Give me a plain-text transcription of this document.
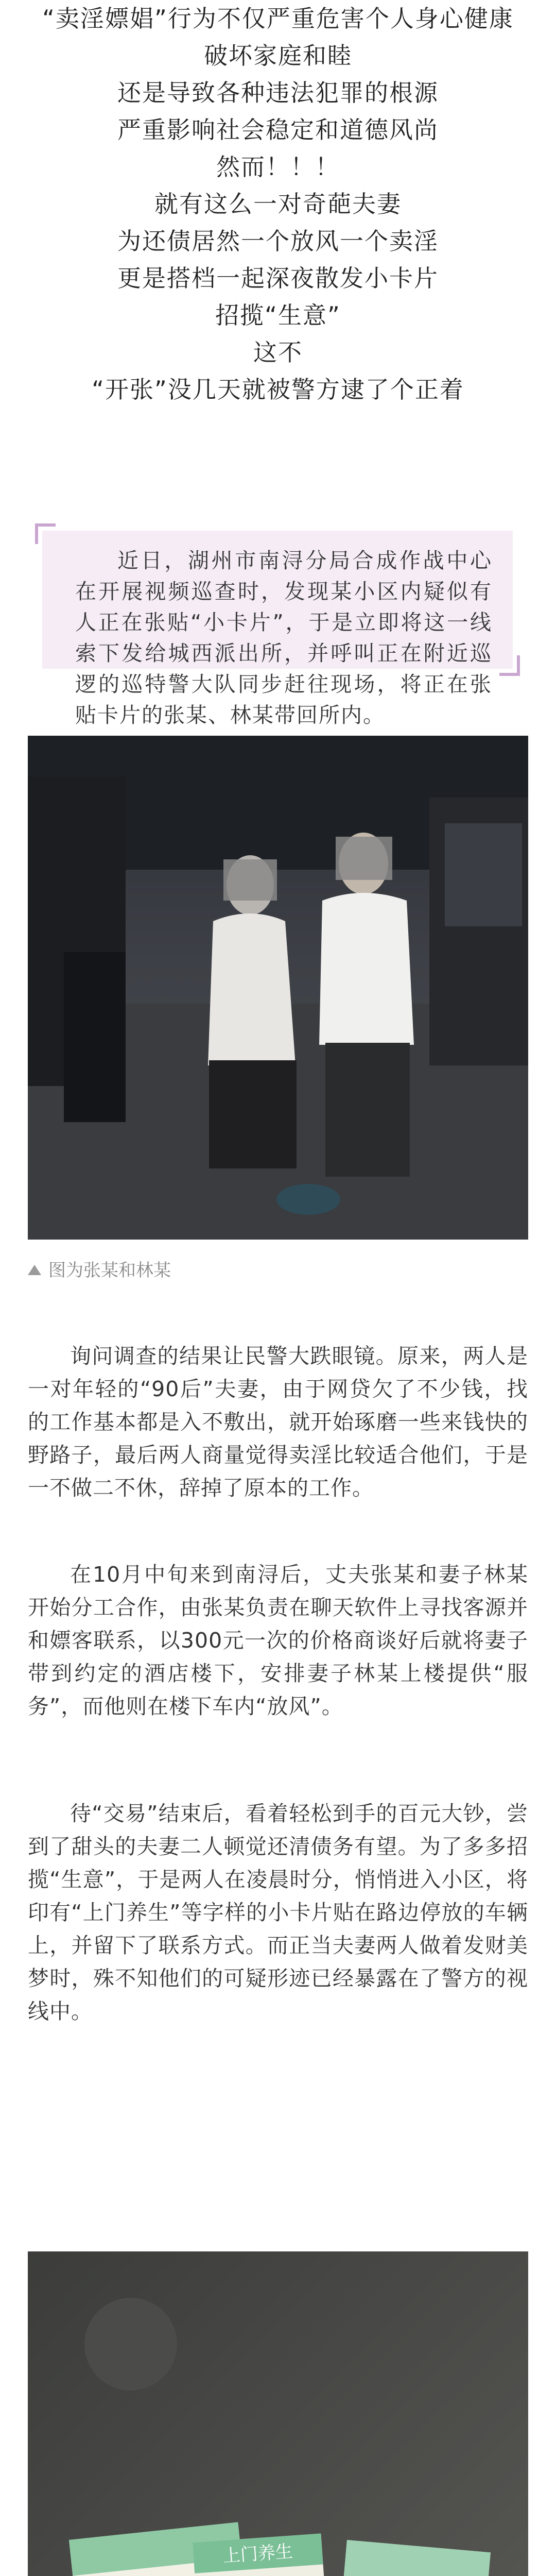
“卖淫嫖娼”行为不仅严重危害个人身心健康

破坏家庭和睦

还是导致各种违法犯罪的根源

严重影响社会稳定和道德风尚

然而！！！

就有这么一对奇葩夫妻

为还债居然一个放风一个卖淫

更是搭档一起深夜散发小卡片

招揽“生意”

这不

“开张”没几天就被警方逮了个正着

近日，湖州市南浔分局合成作战中心在开展视频巡查时，发现某小区内疑似有人正在张贴“小卡片”，于是立即将这一线索下发给城西派出所，并呼叫正在附近巡逻的巡特警大队同步赶往现场，将正在张贴卡片的张某、林某带回所内。

图为张某和林某

询问调查的结果让民警大跌眼镜。原来，两人是一对年轻的“90后”夫妻，由于网贷欠了不少钱，找的工作基本都是入不敷出，就开始琢磨一些来钱快的野路子，最后两人商量觉得卖淫比较适合他们，于是一不做二不休，辞掉了原本的工作。

在10月中旬来到南浔后，丈夫张某和妻子林某开始分工合作，由张某负责在聊天软件上寻找客源并和嫖客联系，以300元一次的价格商谈好后就将妻子带到约定的酒店楼下，安排妻子林某上楼提供“服务”，而他则在楼下车内“放风”。

待“交易”结束后，看着轻松到手的百元大钞，尝到了甜头的夫妻二人顿觉还清债务有望。为了多多招揽“生意”，于是两人在凌晨时分，悄悄进入小区，将印有“上门养生”等字样的小卡片贴在路边停放的车辆上，并留下了联系方式。而正当夫妻两人做着发财美梦时，殊不知他们的可疑形迹已经暴露在了警方的视线中。

上门养生
